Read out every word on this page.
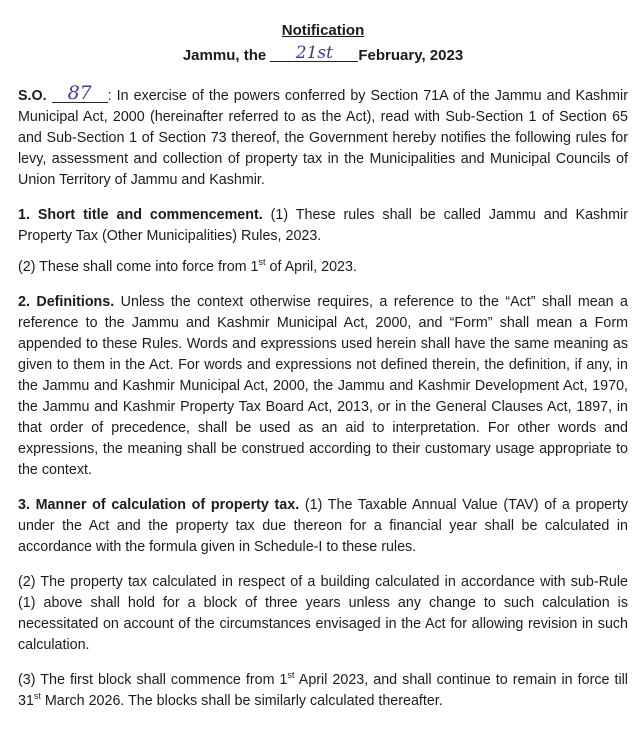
Notification
Jammu, the 21st February, 2023

S.O. 87 : In exercise of the powers conferred by Section 71A of the Jammu and Kashmir Municipal Act, 2000 (hereinafter referred to as the Act), read with Sub-Section 1 of Section 65 and Sub-Section 1 of Section 73 thereof, the Government hereby notifies the following rules for levy, assessment and collection of property tax in the Municipalities and Municipal Councils of Union Territory of Jammu and Kashmir.

1. Short title and commencement. (1) These rules shall be called Jammu and Kashmir Property Tax (Other Municipalities) Rules, 2023.

(2) These shall come into force from 1st of April, 2023.

2. Definitions. Unless the context otherwise requires, a reference to the “Act” shall mean a reference to the Jammu and Kashmir Municipal Act, 2000, and “Form” shall mean a Form appended to these Rules. Words and expressions used herein shall have the same meaning as given to them in the Act. For words and expressions not defined therein, the definition, if any, in the Jammu and Kashmir Municipal Act, 2000, the Jammu and Kashmir Development Act, 1970, the Jammu and Kashmir Property Tax Board Act, 2013, or in the General Clauses Act, 1897, in that order of precedence, shall be used as an aid to interpretation. For other words and expressions, the meaning shall be construed according to their customary usage appropriate to the context.

3. Manner of calculation of property tax. (1) The Taxable Annual Value (TAV) of a property under the Act and the property tax due thereon for a financial year shall be calculated in accordance with the formula given in Schedule-I to these rules.

(2) The property tax calculated in respect of a building calculated in accordance with sub-Rule (1) above shall hold for a block of three years unless any change to such calculation is necessitated on account of the circumstances envisaged in the Act for allowing revision in such calculation.

(3) The first block shall commence from 1st April 2023, and shall continue to remain in force till 31st March 2026. The blocks shall be similarly calculated thereafter.
